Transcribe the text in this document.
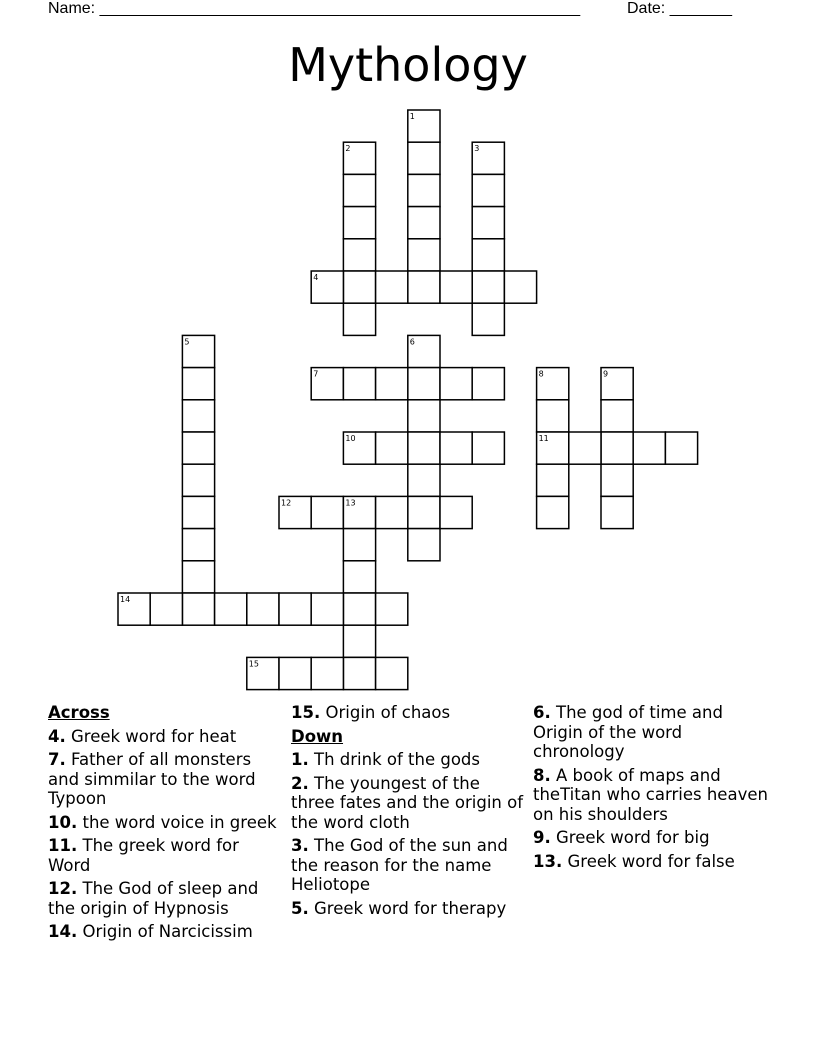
Name: ______________________________________________________	Date: _______
Mythology
1
2	3
4
5	6
7	8	9
10	11
12	13
14
15
Across
4. Greek word for heat
7. Father of all monsters and simmilar to the word Typoon
10. the word voice in greek
11. The greek word for Word
12. The God of sleep and the origin of Hypnosis
14. Origin of Narcicissim
15. Origin of chaos
Down
1. Th drink of the gods
2. The youngest of the three fates and the origin of the word cloth
3. The God of the sun and the reason for the name Heliotope
5. Greek word for therapy
6. The god of time and Origin of the word chronology
8. A book of maps and theTitan who carries heaven on his shoulders
9. Greek word for big
13. Greek word for false
